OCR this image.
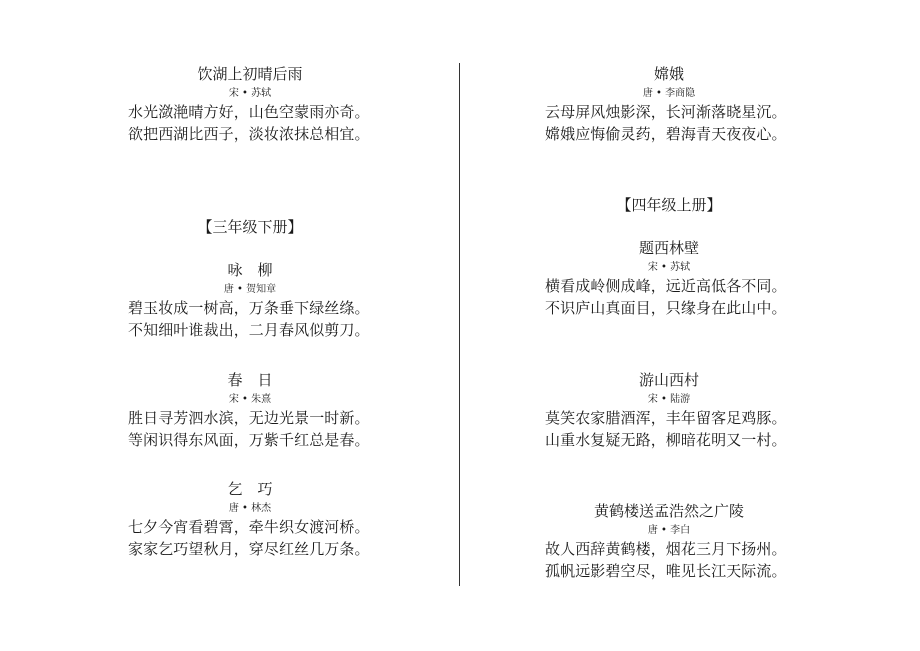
饮湖上初晴后雨
宋 • 苏轼
水光潋滟晴方好，山色空蒙雨亦奇。
欲把西湖比西子，淡妆浓抹总相宜。
【三年级下册】
咏　柳
唐 • 贺知章
碧玉妆成一树高，万条垂下绿丝绦。
不知细叶谁裁出，二月春风似剪刀。
春　日
宋 • 朱熹
胜日寻芳泗水滨，无边光景一时新。
等闲识得东风面，万紫千红总是春。
乞　巧
唐 • 林杰
七夕今宵看碧霄，牵牛织女渡河桥。
家家乞巧望秋月，穿尽红丝几万条。
嫦娥
唐 • 李商隐
云母屏风烛影深，长河渐落晓星沉。
嫦娥应悔偷灵药，碧海青天夜夜心。
【四年级上册】
题西林壁
宋 • 苏轼
横看成岭侧成峰，远近高低各不同。
不识庐山真面目，只缘身在此山中。
游山西村
宋 • 陆游
莫笑农家腊酒浑，丰年留客足鸡豚。
山重水复疑无路，柳暗花明又一村。
黄鹤楼送孟浩然之广陵
唐 • 李白
故人西辞黄鹤楼，烟花三月下扬州。
孤帆远影碧空尽，唯见长江天际流。
